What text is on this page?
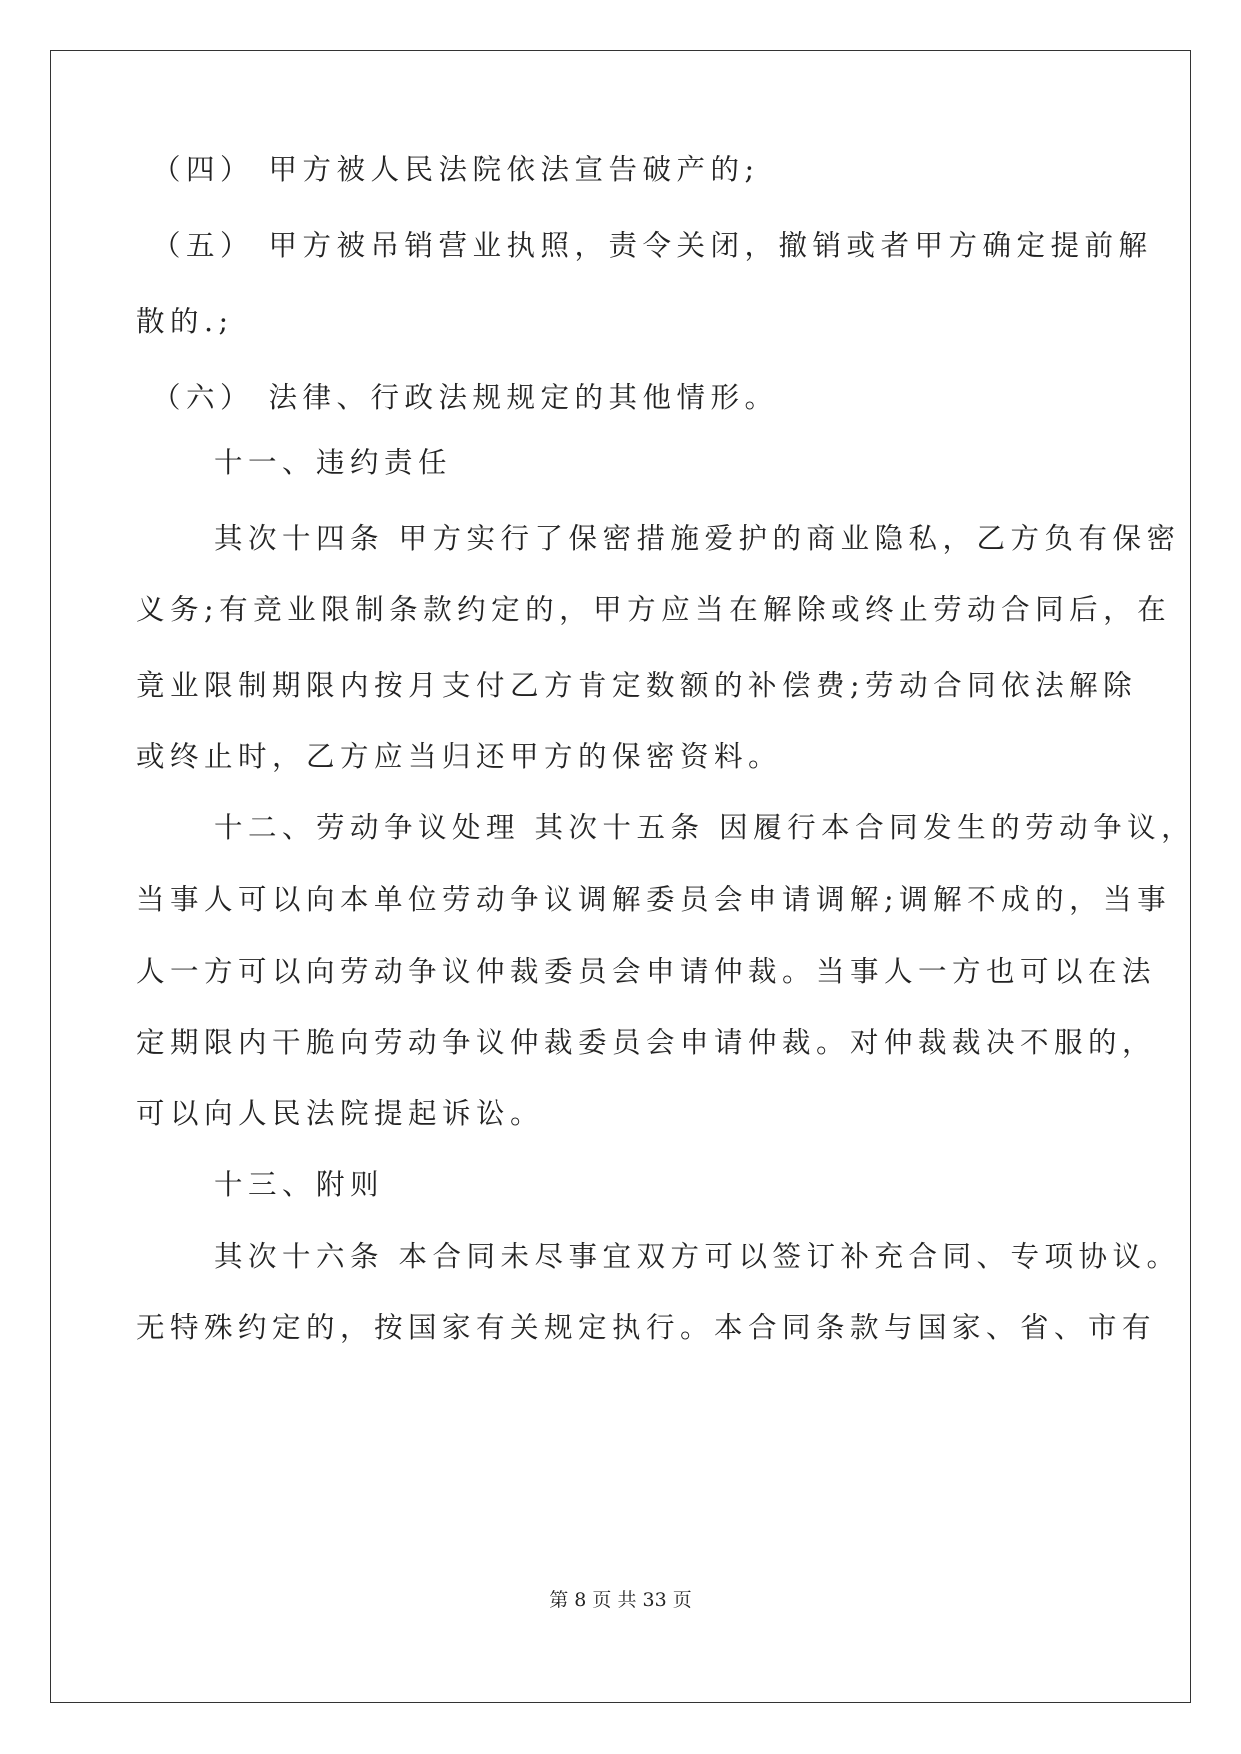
（四） 甲方被人民法院依法宣告破产的;
（五） 甲方被吊销营业执照，责令关闭，撤销或者甲方确定提前解
散的.;
（六） 法律、行政法规规定的其他情形。
十一、违约责任
其次十四条 甲方实行了保密措施爱护的商业隐私，乙方负有保密
义务;有竞业限制条款约定的，甲方应当在解除或终止劳动合同后，在
竟业限制期限内按月支付乙方肯定数额的补偿费;劳动合同依法解除
或终止时，乙方应当归还甲方的保密资料。
十二、劳动争议处理 其次十五条 因履行本合同发生的劳动争议，
当事人可以向本单位劳动争议调解委员会申请调解;调解不成的，当事
人一方可以向劳动争议仲裁委员会申请仲裁。当事人一方也可以在法
定期限内干脆向劳动争议仲裁委员会申请仲裁。对仲裁裁决不服的，
可以向人民法院提起诉讼。
十三、附则
其次十六条 本合同未尽事宜双方可以签订补充合同、专项协议。
无特殊约定的，按国家有关规定执行。本合同条款与国家、省、市有
第 8 页 共 33 页
